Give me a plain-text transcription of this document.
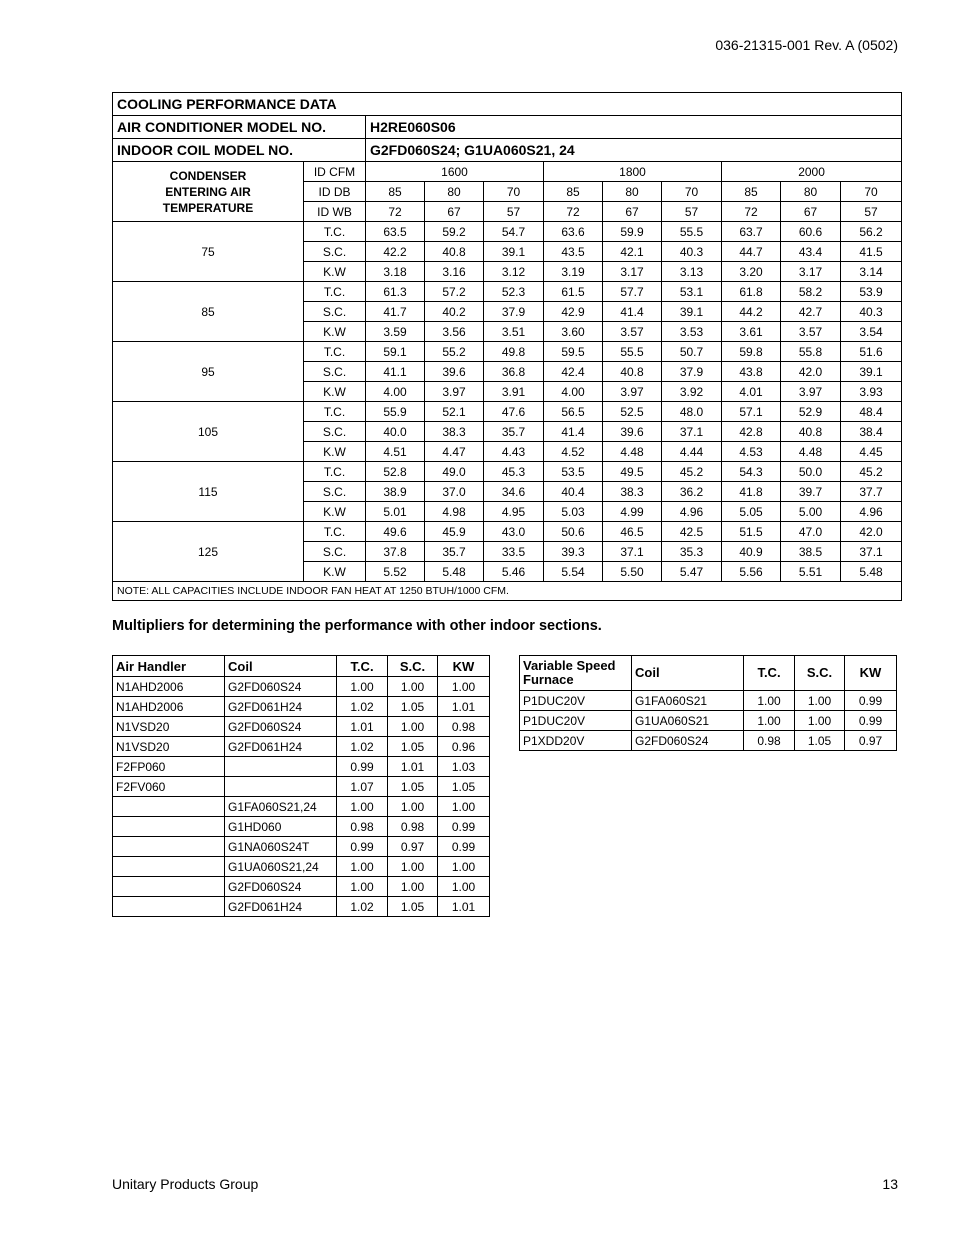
036-21315-001 Rev. A (0502)
COOLING PERFORMANCE DATA										
AIR CONDITIONER MODEL NO.		H2RE060S06								
INDOOR COIL MODEL NO.		G2FD060S24; G1UA060S21, 24								

CONDENSER
ENTERING AIR
TEMPERATURE	ID CFM	1600			1800			2000		
	ID DB	85	80	70	85	80	70	85	80	70
	ID WB	72	67	57	72	67	57	72	67	57
75	T.C.	63.5	59.2	54.7	63.6	59.9	55.5	63.7	60.6	56.2
	S.C.	42.2	40.8	39.1	43.5	42.1	40.3	44.7	43.4	41.5
	K.W	3.18	3.16	3.12	3.19	3.17	3.13	3.20	3.17	3.14
85	T.C.	61.3	57.2	52.3	61.5	57.7	53.1	61.8	58.2	53.9
	S.C.	41.7	40.2	37.9	42.9	41.4	39.1	44.2	42.7	40.3
	K.W	3.59	3.56	3.51	3.60	3.57	3.53	3.61	3.57	3.54
95	T.C.	59.1	55.2	49.8	59.5	55.5	50.7	59.8	55.8	51.6
	S.C.	41.1	39.6	36.8	42.4	40.8	37.9	43.8	42.0	39.1
	K.W	4.00	3.97	3.91	4.00	3.97	3.92	4.01	3.97	3.93
105	T.C.	55.9	52.1	47.6	56.5	52.5	48.0	57.1	52.9	48.4
	S.C.	40.0	38.3	35.7	41.4	39.6	37.1	42.8	40.8	38.4
	K.W	4.51	4.47	4.43	4.52	4.48	4.44	4.53	4.48	4.45
115	T.C.	52.8	49.0	45.3	53.5	49.5	45.2	54.3	50.0	45.2
	S.C.	38.9	37.0	34.6	40.4	38.3	36.2	41.8	39.7	37.7
	K.W	5.01	4.98	4.95	5.03	4.99	4.96	5.05	5.00	4.96
125	T.C.	49.6	45.9	43.0	50.6	46.5	42.5	51.5	47.0	42.0
	S.C.	37.8	35.7	33.5	39.3	37.1	35.3	40.9	38.5	37.1
	K.W	5.52	5.48	5.46	5.54	5.50	5.47	5.56	5.51	5.48
NOTE: ALL CAPACITIES INCLUDE INDOOR FAN HEAT AT 1250 BTUH/1000 CFM.										
Multipliers for determining the performance with other indoor sections.
Air Handler	Coil	T.C.	S.C.	KW
N1AHD2006	G2FD060S24	1.00	1.00	1.00
N1AHD2006	G2FD061H24	1.02	1.05	1.01
N1VSD20	G2FD060S24	1.01	1.00	0.98
N1VSD20	G2FD061H24	1.02	1.05	0.96
F2FP060		0.99	1.01	1.03
F2FV060		1.07	1.05	1.05
	G1FA060S21,24	1.00	1.00	1.00
	G1HD060	0.98	0.98	0.99
	G1NA060S24T	0.99	0.97	0.99
	G1UA060S21,24	1.00	1.00	1.00
	G2FD060S24	1.00	1.00	1.00
	G2FD061H24	1.02	1.05	1.01
Variable Speed Furnace	Coil	T.C.	S.C.	KW
P1DUC20V	G1FA060S21	1.00	1.00	0.99
P1DUC20V	G1UA060S21	1.00	1.00	0.99
P1XDD20V	G2FD060S24	0.98	1.05	0.97
Unitary Products Group	13
